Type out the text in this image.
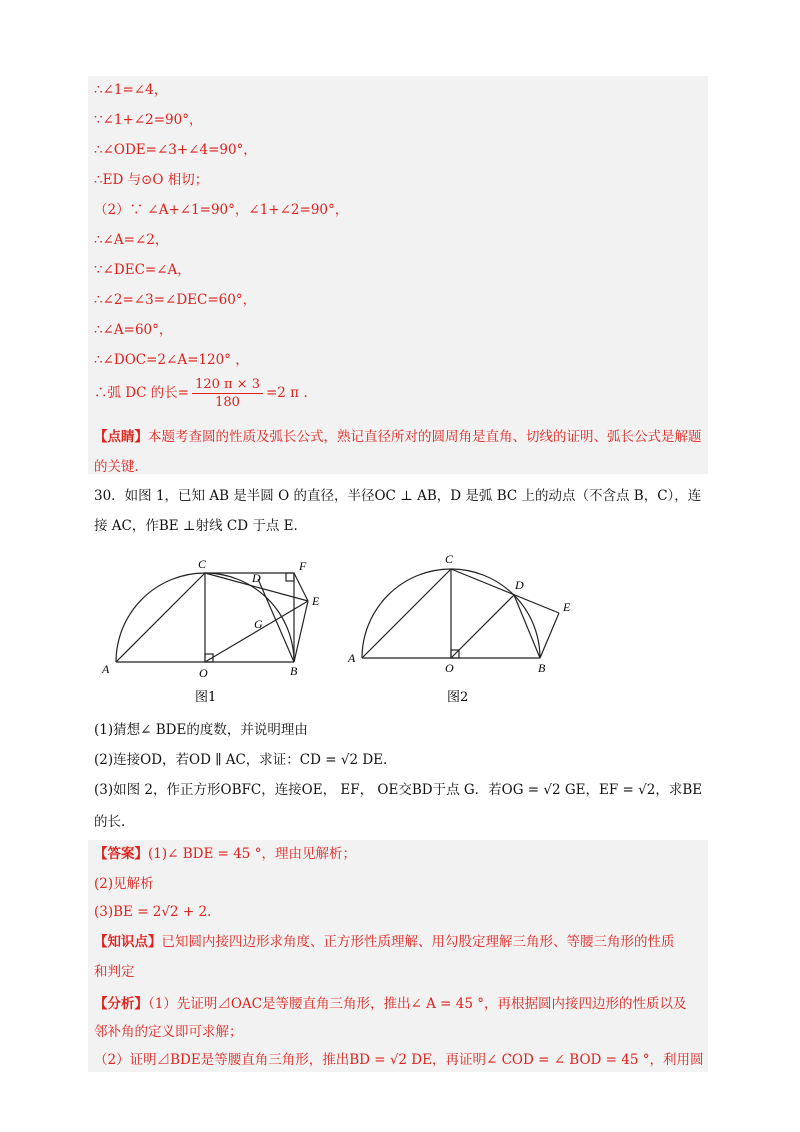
∴∠1=∠4，
∵∠1+∠2=90°，
∴∠ODE=∠3+∠4=90°，
∴ED 与⊙O 相切；
（2）∵ ∠A+∠1=90°，∠1+∠2=90°，
∴∠A=∠2，
∵∠DEC=∠A，
∴∠2=∠3=∠DEC=60°，
∴∠A=60°，
∴∠DOC=2∠A=120° ，
∴弧 DC 的长= $\frac{120 \pi \times 3}{180} =2$ π .
【点睛】本题考查圆的性质及弧长公式，熟记直径所对的圆周角是直角、切线的证明、弧长公式是解题的关键.
30．如图 1，已知 AB 是半圆 O 的直径，半径OC ⊥ AB，D 是弧 BC 上的动点（不含点 B，C），连
接 AC，作BE ⊥射线 CD 于点 E.
A	B
C
D
E
F
G
O
图1
A
B
C
D
E
O
图2
(1)猜想∠ BDE的度数，并说明理由
(2)连接OD，若OD ∥ AC，求证：CD = √2 DE.
(3)如图 2，作正方形OBFC，连接OE， EF， OE交BD于点 G．若OG = √2 GE，EF = √2，求BE
的长.
【答案】(1)∠ BDE = 45 °，理由见解析；
(2)见解析
(3)BE = 2√2 + 2.
【知识点】已知圆内接四边形求角度、正方形性质理解、用勾股定理解三角形、等腰三角形的性质
和判定
【分析】（1）先证明⊿OAC是等腰直角三角形，推出∠ A = 45 °，再根据圆内接四边形的性质以及
邻补角的定义即可求解；
（2）证明⊿BDE是等腰直角三角形，推出BD = √2 DE，再证明∠ COD = ∠ BOD = 45 °，利用圆
